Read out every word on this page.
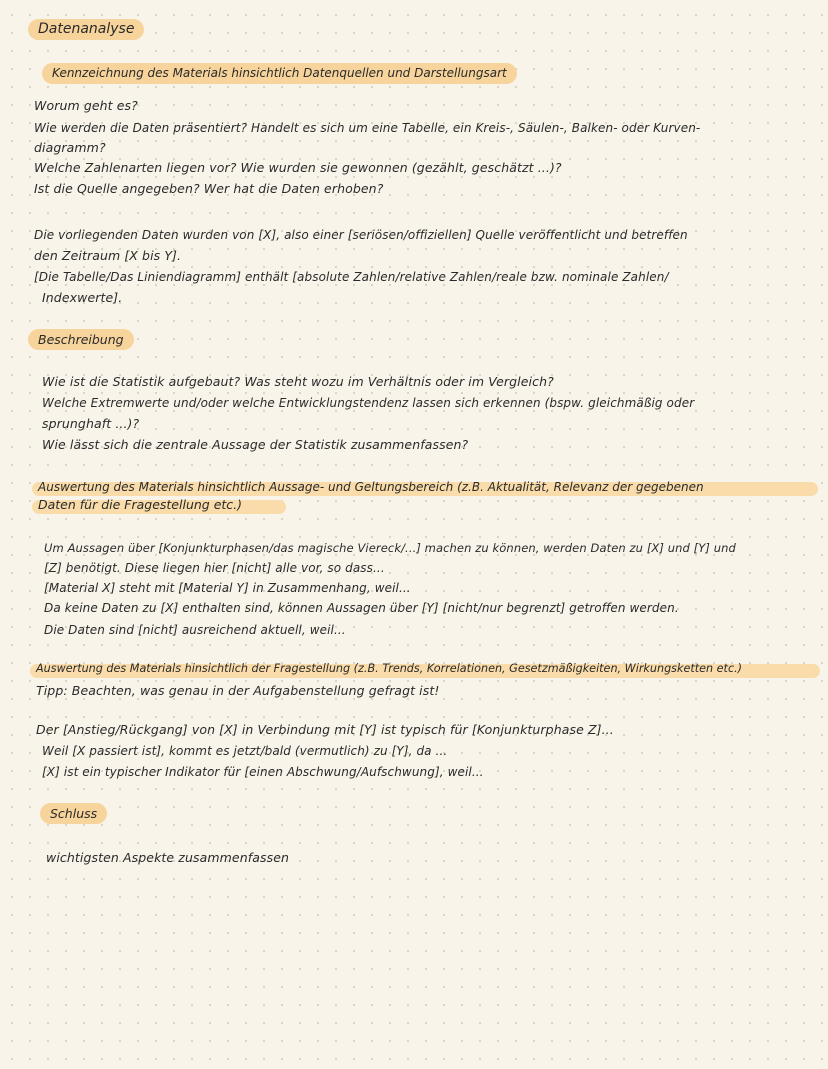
Datenanalyse
Kennzeichnung des Materials hinsichtlich Datenquellen und Darstellungsart
Worum geht es?
Wie werden die Daten präsentiert? Handelt es sich um eine Tabelle, ein Kreis-, Säulen-, Balken- oder Kurven-
diagramm?
Welche Zahlenarten liegen vor? Wie wurden sie gewonnen (gezählt, geschätzt ...)?
Ist die Quelle angegeben? Wer hat die Daten erhoben?
Die vorliegenden Daten wurden von [X], also einer [seriösen/offiziellen] Quelle veröffentlicht und betreffen
den Zeitraum [X bis Y].
[Die Tabelle/Das Liniendiagramm] enthält [absolute Zahlen/relative Zahlen/reale bzw. nominale Zahlen/
Indexwerte].
Beschreibung
Wie ist die Statistik aufgebaut? Was steht wozu im Verhältnis oder im Vergleich?
Welche Extremwerte und/oder welche Entwicklungstendenz lassen sich erkennen (bspw. gleichmäßig oder
sprunghaft ...)?
Wie lässt sich die zentrale Aussage der Statistik zusammenfassen?
Auswertung des Materials hinsichtlich Aussage- und Geltungsbereich (z.B. Aktualität, Relevanz der gegebenen
Daten für die Fragestellung etc.)
Um Aussagen über [Konjunkturphasen/das magische Viereck/...] machen zu können, werden Daten zu [X] und [Y] und
[Z] benötigt. Diese liegen hier [nicht] alle vor, so dass...
[Material X] steht mit [Material Y] in Zusammenhang, weil...
Da keine Daten zu [X] enthalten sind, können Aussagen über [Y] [nicht/nur begrenzt] getroffen werden.
Die Daten sind [nicht] ausreichend aktuell, weil...
Auswertung des Materials hinsichtlich der Fragestellung (z.B. Trends, Korrelationen, Gesetzmäßigkeiten, Wirkungsketten etc.)
Tipp: Beachten, was genau in der Aufgabenstellung gefragt ist!
Der [Anstieg/Rückgang] von [X] in Verbindung mit [Y] ist typisch für [Konjunkturphase Z]...
Weil [X passiert ist], kommt es jetzt/bald (vermutlich) zu [Y], da ...
[X] ist ein typischer Indikator für [einen Abschwung/Aufschwung], weil...
Schluss
wichtigsten Aspekte zusammenfassen
